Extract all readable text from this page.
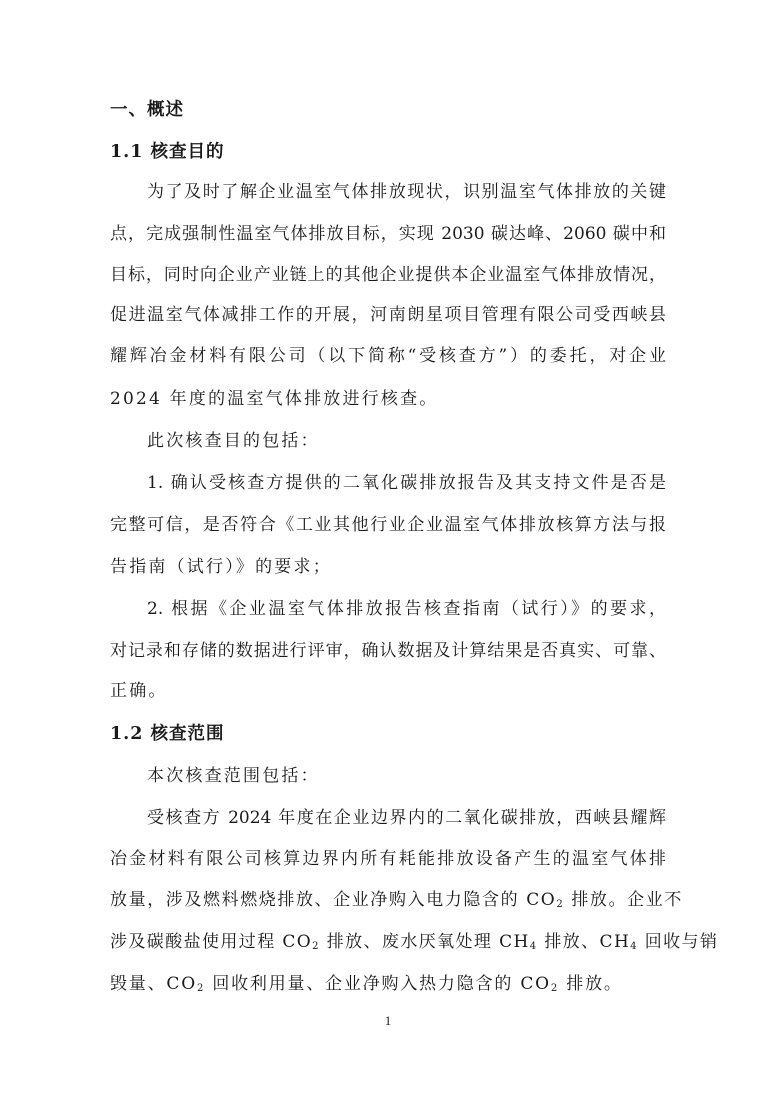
一、概述
1.1 核查目的
为了及时了解企业温室气体排放现状，识别温室气体排放的关键
点，完成强制性温室气体排放目标，实现 2030 碳达峰、2060 碳中和
目标，同时向企业产业链上的其他企业提供本企业温室气体排放情况，
促进温室气体减排工作的开展，河南朗星项目管理有限公司受西峡县
耀辉冶金材料有限公司（以下简称“受核查方”）的委托，对企业
2024 年度的温室气体排放进行核查。
此次核查目的包括：
1. 确认受核查方提供的二氧化碳排放报告及其支持文件是否是
完整可信，是否符合《工业其他行业企业温室气体排放核算方法与报
告指南（试行）》的要求；
2. 根据《企业温室气体排放报告核查指南（试行）》的要求，
对记录和存储的数据进行评审，确认数据及计算结果是否真实、可靠、
正确。
1.2 核查范围
本次核查范围包括：
受核查方 2024 年度在企业边界内的二氧化碳排放，西峡县耀辉
冶金材料有限公司核算边界内所有耗能排放设备产生的温室气体排
放量，涉及燃料燃烧排放、企业净购入电力隐含的 $CO_2$ 排放。企业不
涉及碳酸盐使用过程 $CO_2$ 排放、废水厌氧处理 $CH_4$ 排放、$CH_4$ 回收与销
毁量、$CO_2$ 回收利用量、企业净购入热力隐含的 $CO_2$ 排放。
1
